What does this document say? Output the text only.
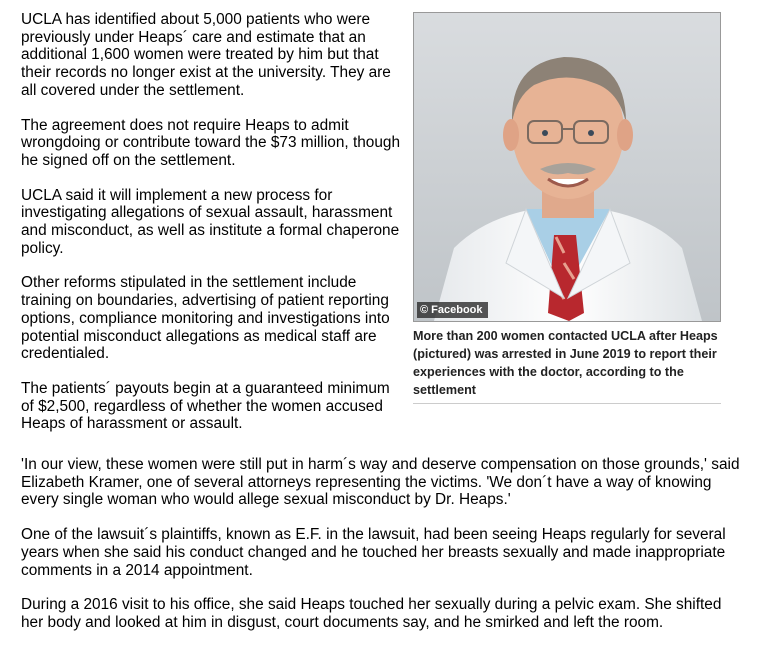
UCLA has identified about 5,000 patients who were previously under Heaps´ care and estimate that an additional 1,600 women were treated by him but that their records no longer exist at the university. They are all covered under the settlement.

The agreement does not require Heaps to admit wrongdoing or contribute toward the $73 million, though he signed off on the settlement.

UCLA said it will implement a new process for investigating allegations of sexual assault, harassment and misconduct, as well as institute a formal chaperone policy.

Other reforms stipulated in the settlement include training on boundaries, advertising of patient reporting options, compliance monitoring and investigations into potential misconduct allegations as medical staff are credentialed.

The patients´ payouts begin at a guaranteed minimum of $2,500, regardless of whether the women accused Heaps of harassment or assault.

© Facebook
More than 200 women contacted UCLA after Heaps (pictured) was arrested in June 2019 to report their experiences with the doctor, according to the settlement

'In our view, these women were still put in harm´s way and deserve compensation on those grounds,' said Elizabeth Kramer, one of several attorneys representing the victims. 'We don´t have a way of knowing every single woman who would allege sexual misconduct by Dr. Heaps.'

One of the lawsuit´s plaintiffs, known as E.F. in the lawsuit, had been seeing Heaps regularly for several years when she said his conduct changed and he touched her breasts sexually and made inappropriate comments in a 2014 appointment.

During a 2016 visit to his office, she said Heaps touched her sexually during a pelvic exam. She shifted her body and looked at him in disgust, court documents say, and he smirked and left the room.
